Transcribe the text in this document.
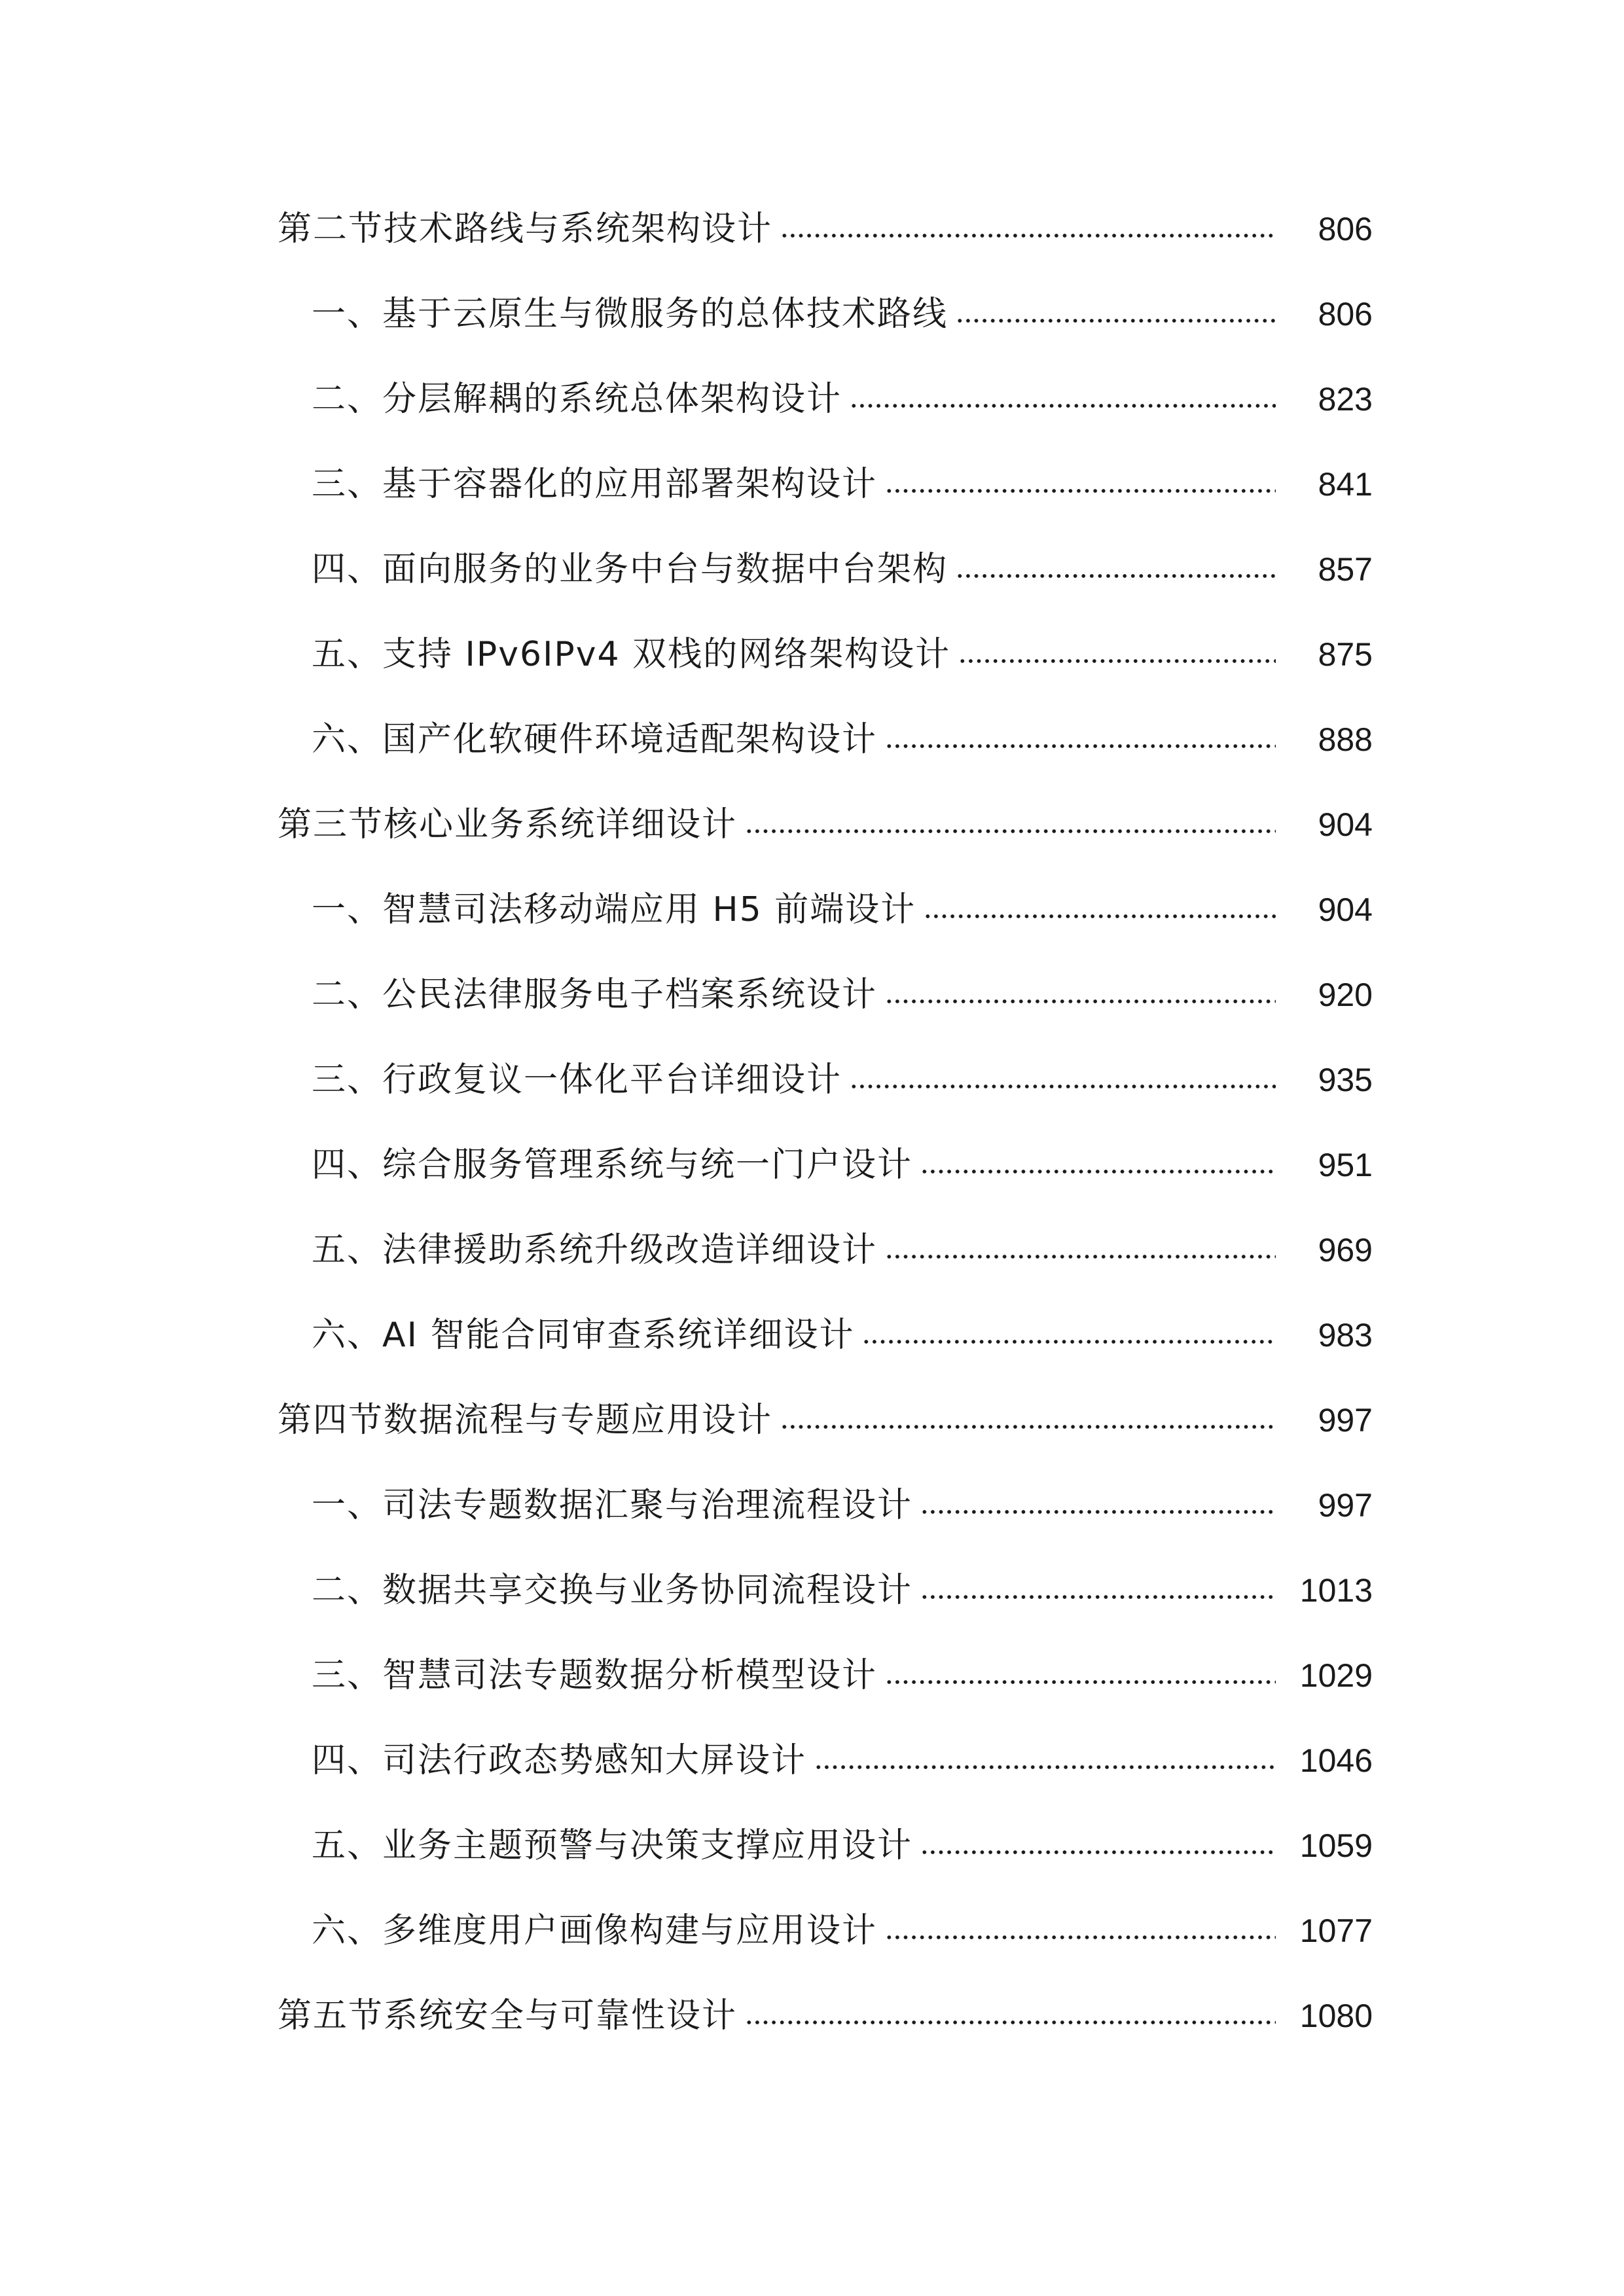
第二节技术路线与系统架构设计	806
一、基于云原生与微服务的总体技术路线	806
二、分层解耦的系统总体架构设计	823
三、基于容器化的应用部署架构设计	841
四、面向服务的业务中台与数据中台架构	857
五、支持 IPv6IPv4 双栈的网络架构设计	875
六、国产化软硬件环境适配架构设计	888
第三节核心业务系统详细设计	904
一、智慧司法移动端应用 H5 前端设计	904
二、公民法律服务电子档案系统设计	920
三、行政复议一体化平台详细设计	935
四、综合服务管理系统与统一门户设计	951
五、法律援助系统升级改造详细设计	969
六、AI 智能合同审查系统详细设计	983
第四节数据流程与专题应用设计	997
一、司法专题数据汇聚与治理流程设计	997
二、数据共享交换与业务协同流程设计	1013
三、智慧司法专题数据分析模型设计	1029
四、司法行政态势感知大屏设计	1046
五、业务主题预警与决策支撑应用设计	1059
六、多维度用户画像构建与应用设计	1077
第五节系统安全与可靠性设计	1080
